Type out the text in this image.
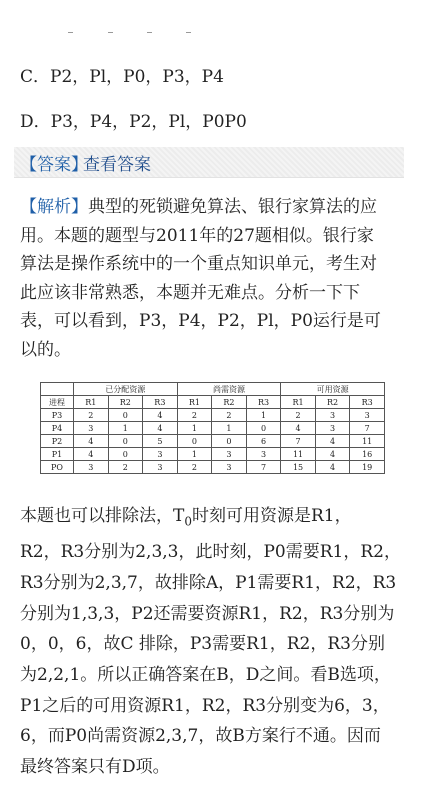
C．P2，Pl，P0，P3，P4
D．P3，P4，P2，Pl，P0P0
【答案】
查看答案
【解析】典型的死锁避免算法、银行家算法的应
用。本题的题型与2011年的27题相似。银行家
算法是操作系统中的一个重点知识单元，考生对
此应该非常熟悉，本题并无难点。分析一下下
表，可以看到，P3，P4，P2，Pl，P0运行是可
以的。
	已分配资源			尚需资源			可用资源		
进程	R1	R2	R3	R1	R2	R3	R1	R2	R3
P3	2	0	4	2	2	1	2	3	3
P4	3	1	4	1	1	0	4	3	7
P2	4	0	5	0	0	6	7	4	11
P1	4	0	3	1	3	3	11	4	16
PO	3	2	3	2	3	7	15	4	19
本题也可以排除法，$T_0$时刻可用资源是R1，
R2，R3分别为2,3,3，此时刻，P0需要R1，R2，
R3分别为2,3,7，故排除A，P1需要R1，R2，R3
分别为1,3,3，P2还需要资源R1，R2，R3分别为
0，0，6，故C 排除，P3需要R1，R2，R3分别
为2,2,1。所以正确答案在B，D之间。看B选项，
P1之后的可用资源R1，R2，R3分别变为6，3，
6，而P0尚需资源2,3,7，故B方案行不通。因而
最终答案只有D项。
